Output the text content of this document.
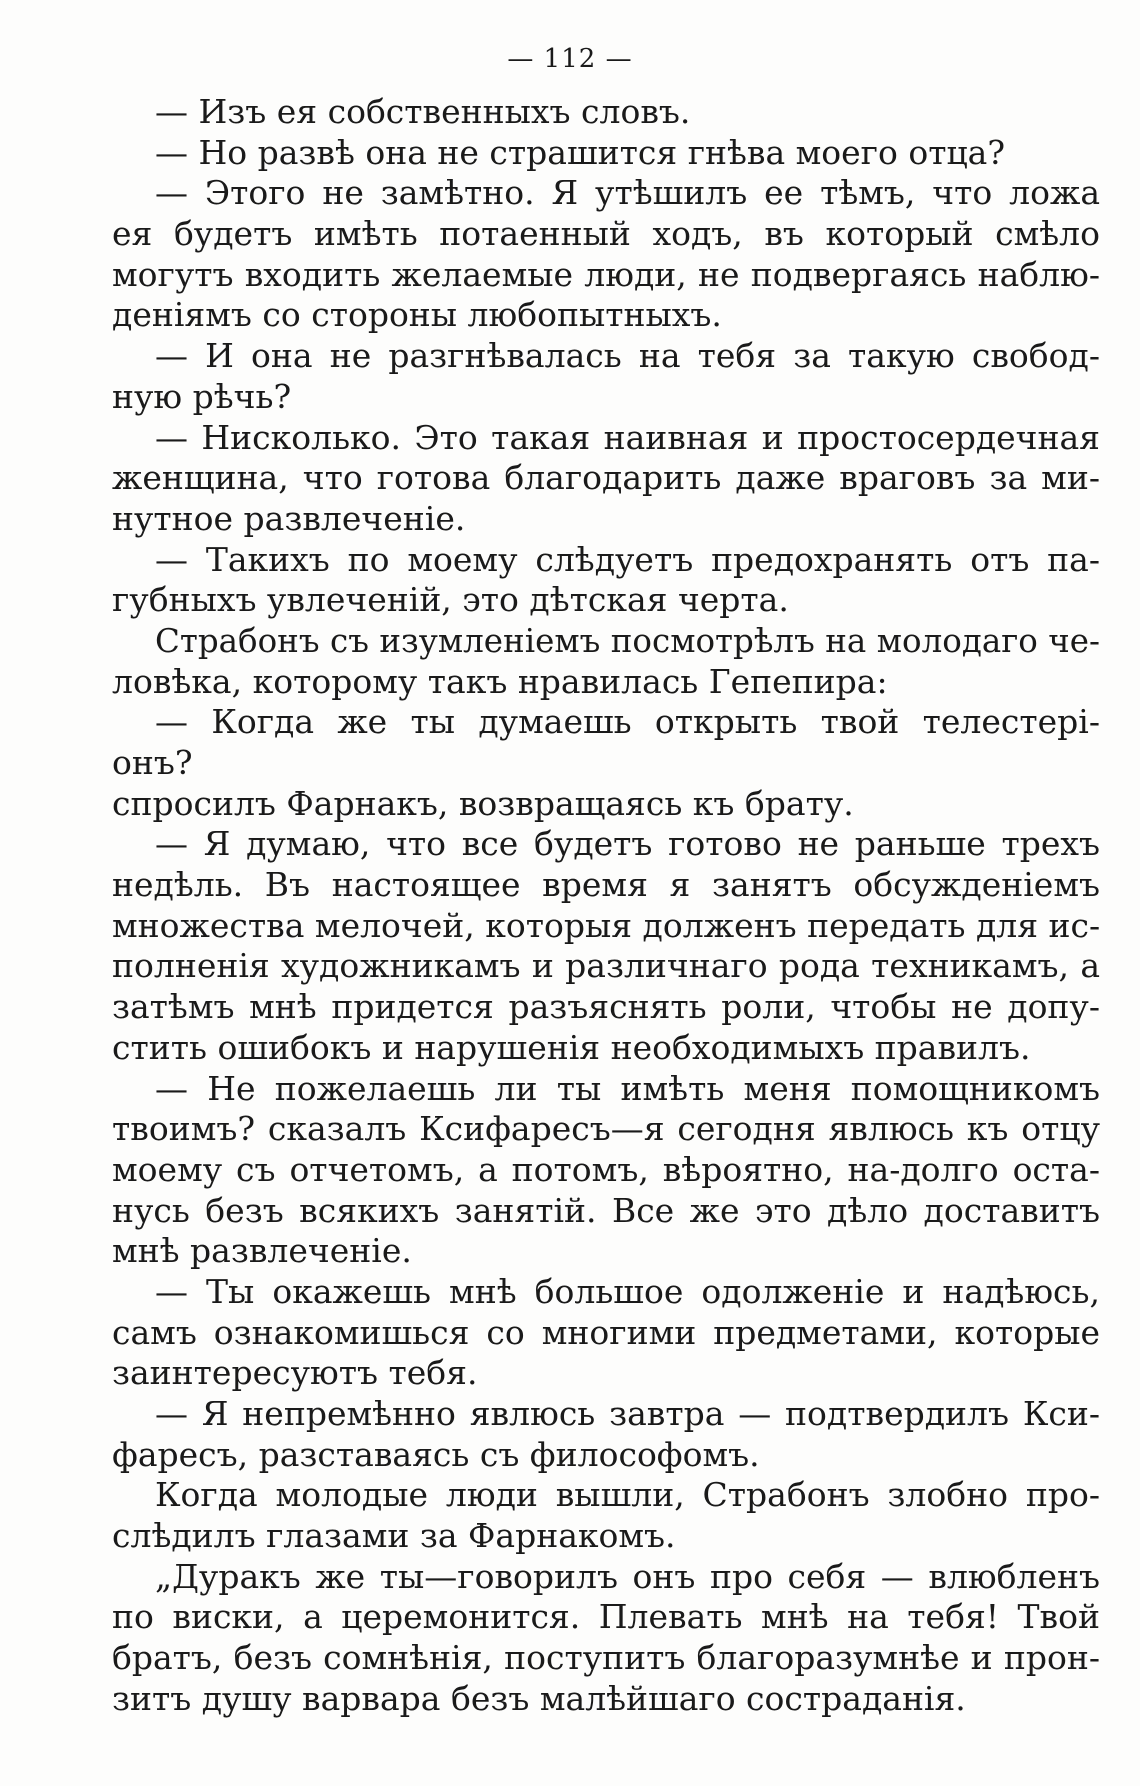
— 112 —
— Изъ ея собственныхъ словъ.
— Но развѣ она не страшится гнѣва моего отца?
— Этого не замѣтно. Я утѣшилъ ее тѣмъ, что ложа
ея будетъ имѣть потаенный ходъ, въ который смѣло
могутъ входить желаемые люди, не подвергаясь наблю-
деніямъ со стороны любопытныхъ.
— И она не разгнѣвалась на тебя за такую свобод-
ную рѣчь?
— Нисколько. Это такая наивная и простосердечная
женщина, что готова благодарить даже враговъ за ми-
нутное развлеченіе.
— Такихъ по моему слѣдуетъ предохранять отъ па-
губныхъ увлеченій, это дѣтская черта.
Страбонъ съ изумленіемъ посмотрѣлъ на молодаго че-
ловѣка, которому такъ нравилась Гепепира:
— Когда же ты думаешь открыть твой телестері-
онъ?
спросилъ Фарнакъ, возвращаясь къ брату.
— Я думаю, что все будетъ готово не раньше трехъ
недѣль. Въ настоящее время я занятъ обсужденіемъ
множества мелочей, которыя долженъ передать для ис-
полненія художникамъ и различнаго рода техникамъ, а
затѣмъ мнѣ придется разъяснять роли, чтобы не допу-
стить ошибокъ и нарушенія необходимыхъ правилъ.
— Не пожелаешь ли ты имѣть меня помощникомъ
твоимъ? сказалъ Ксифаресъ—я сегодня явлюсь къ отцу
моему съ отчетомъ, а потомъ, вѣроятно, на-долго оста-
нусь безъ всякихъ занятій. Все же это дѣло доставитъ
мнѣ развлеченіе.
— Ты окажешь мнѣ большое одолженіе и надѣюсь,
самъ ознакомишься со многими предметами, которые
заинтересуютъ тебя.
— Я непремѣнно явлюсь завтра — подтвердилъ Кси-
фаресъ, разставаясь съ философомъ.
Когда молодые люди вышли, Страбонъ злобно про-
слѣдилъ глазами за Фарнакомъ.
„Дуракъ же ты—говорилъ онъ про себя — влюбленъ
по виски, а церемонится. Плевать мнѣ на тебя! Твой
братъ, безъ сомнѣнія, поступитъ благоразумнѣе и прон-
зитъ душу варвара безъ малѣйшаго состраданія.
